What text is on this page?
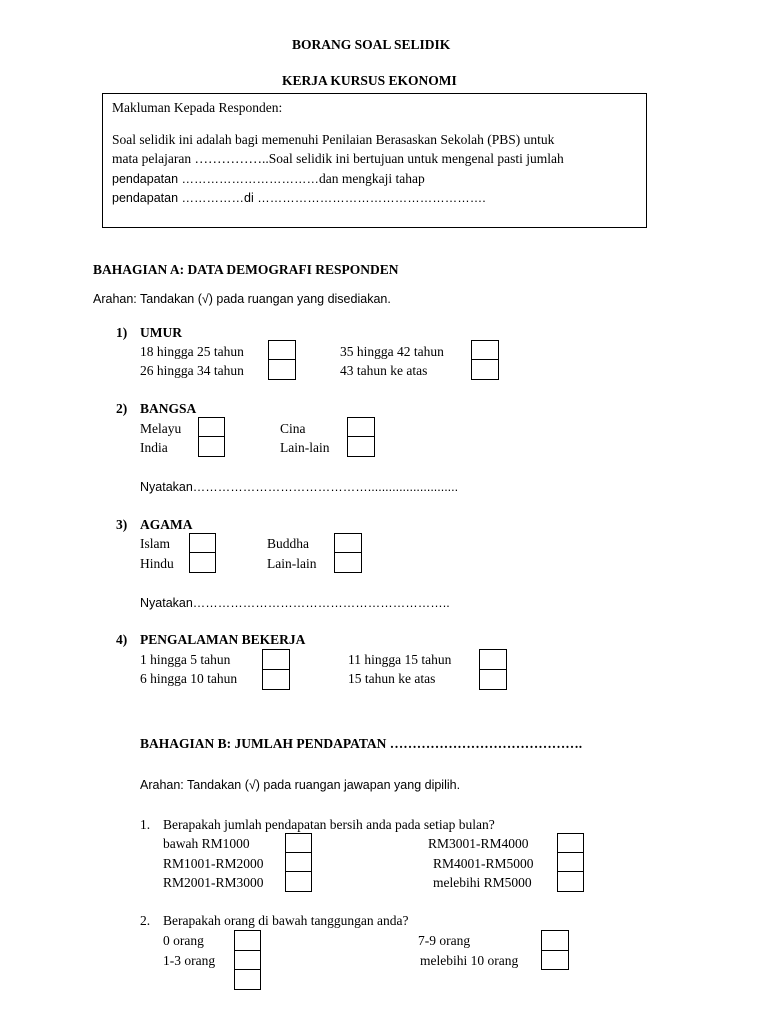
BORANG SOAL SELIDIK
KERJA KURSUS EKONOMI
Makluman Kepada Responden:
Soal selidik ini adalah bagi memenuhi Penilaian Berasaskan Sekolah (PBS) untuk
mata pelajaran ……………..Soal selidik ini bertujuan untuk mengenal pasti jumlah
pendapatan ……………………………dan mengkaji tahap
pendapatan ……………di ……………………………………………….
BAHAGIAN A: DATA DEMOGRAFI RESPONDEN
Arahan: Tandakan (√) pada ruangan yang disediakan.
1) UMUR
18 hingga 25 tahun
26 hingga 34 tahun
35 hingga 42 tahun
43 tahun ke atas
2) BANGSA
Melayu
India
Cina
Lain-lain
Nyatakan……………………………………..........................
3) AGAMA
Islam
Hindu
Buddha
Lain-lain
Nyatakan……………………………………………………..
4) PENGALAMAN BEKERJA
1 hingga 5 tahun
6 hingga 10 tahun
11 hingga 15 tahun
15 tahun ke atas
BAHAGIAN B: JUMLAH PENDAPATAN …………………………………….
Arahan: Tandakan (√) pada ruangan jawapan yang dipilih.
1. Berapakah jumlah pendapatan bersih anda pada setiap bulan?
bawah RM1000
RM1001-RM2000
RM2001-RM3000
RM3001-RM4000
RM4001-RM5000
melebihi RM5000
2. Berapakah orang di bawah tanggungan anda?
0 orang
1-3 orang
7-9 orang
melebihi 10 orang
